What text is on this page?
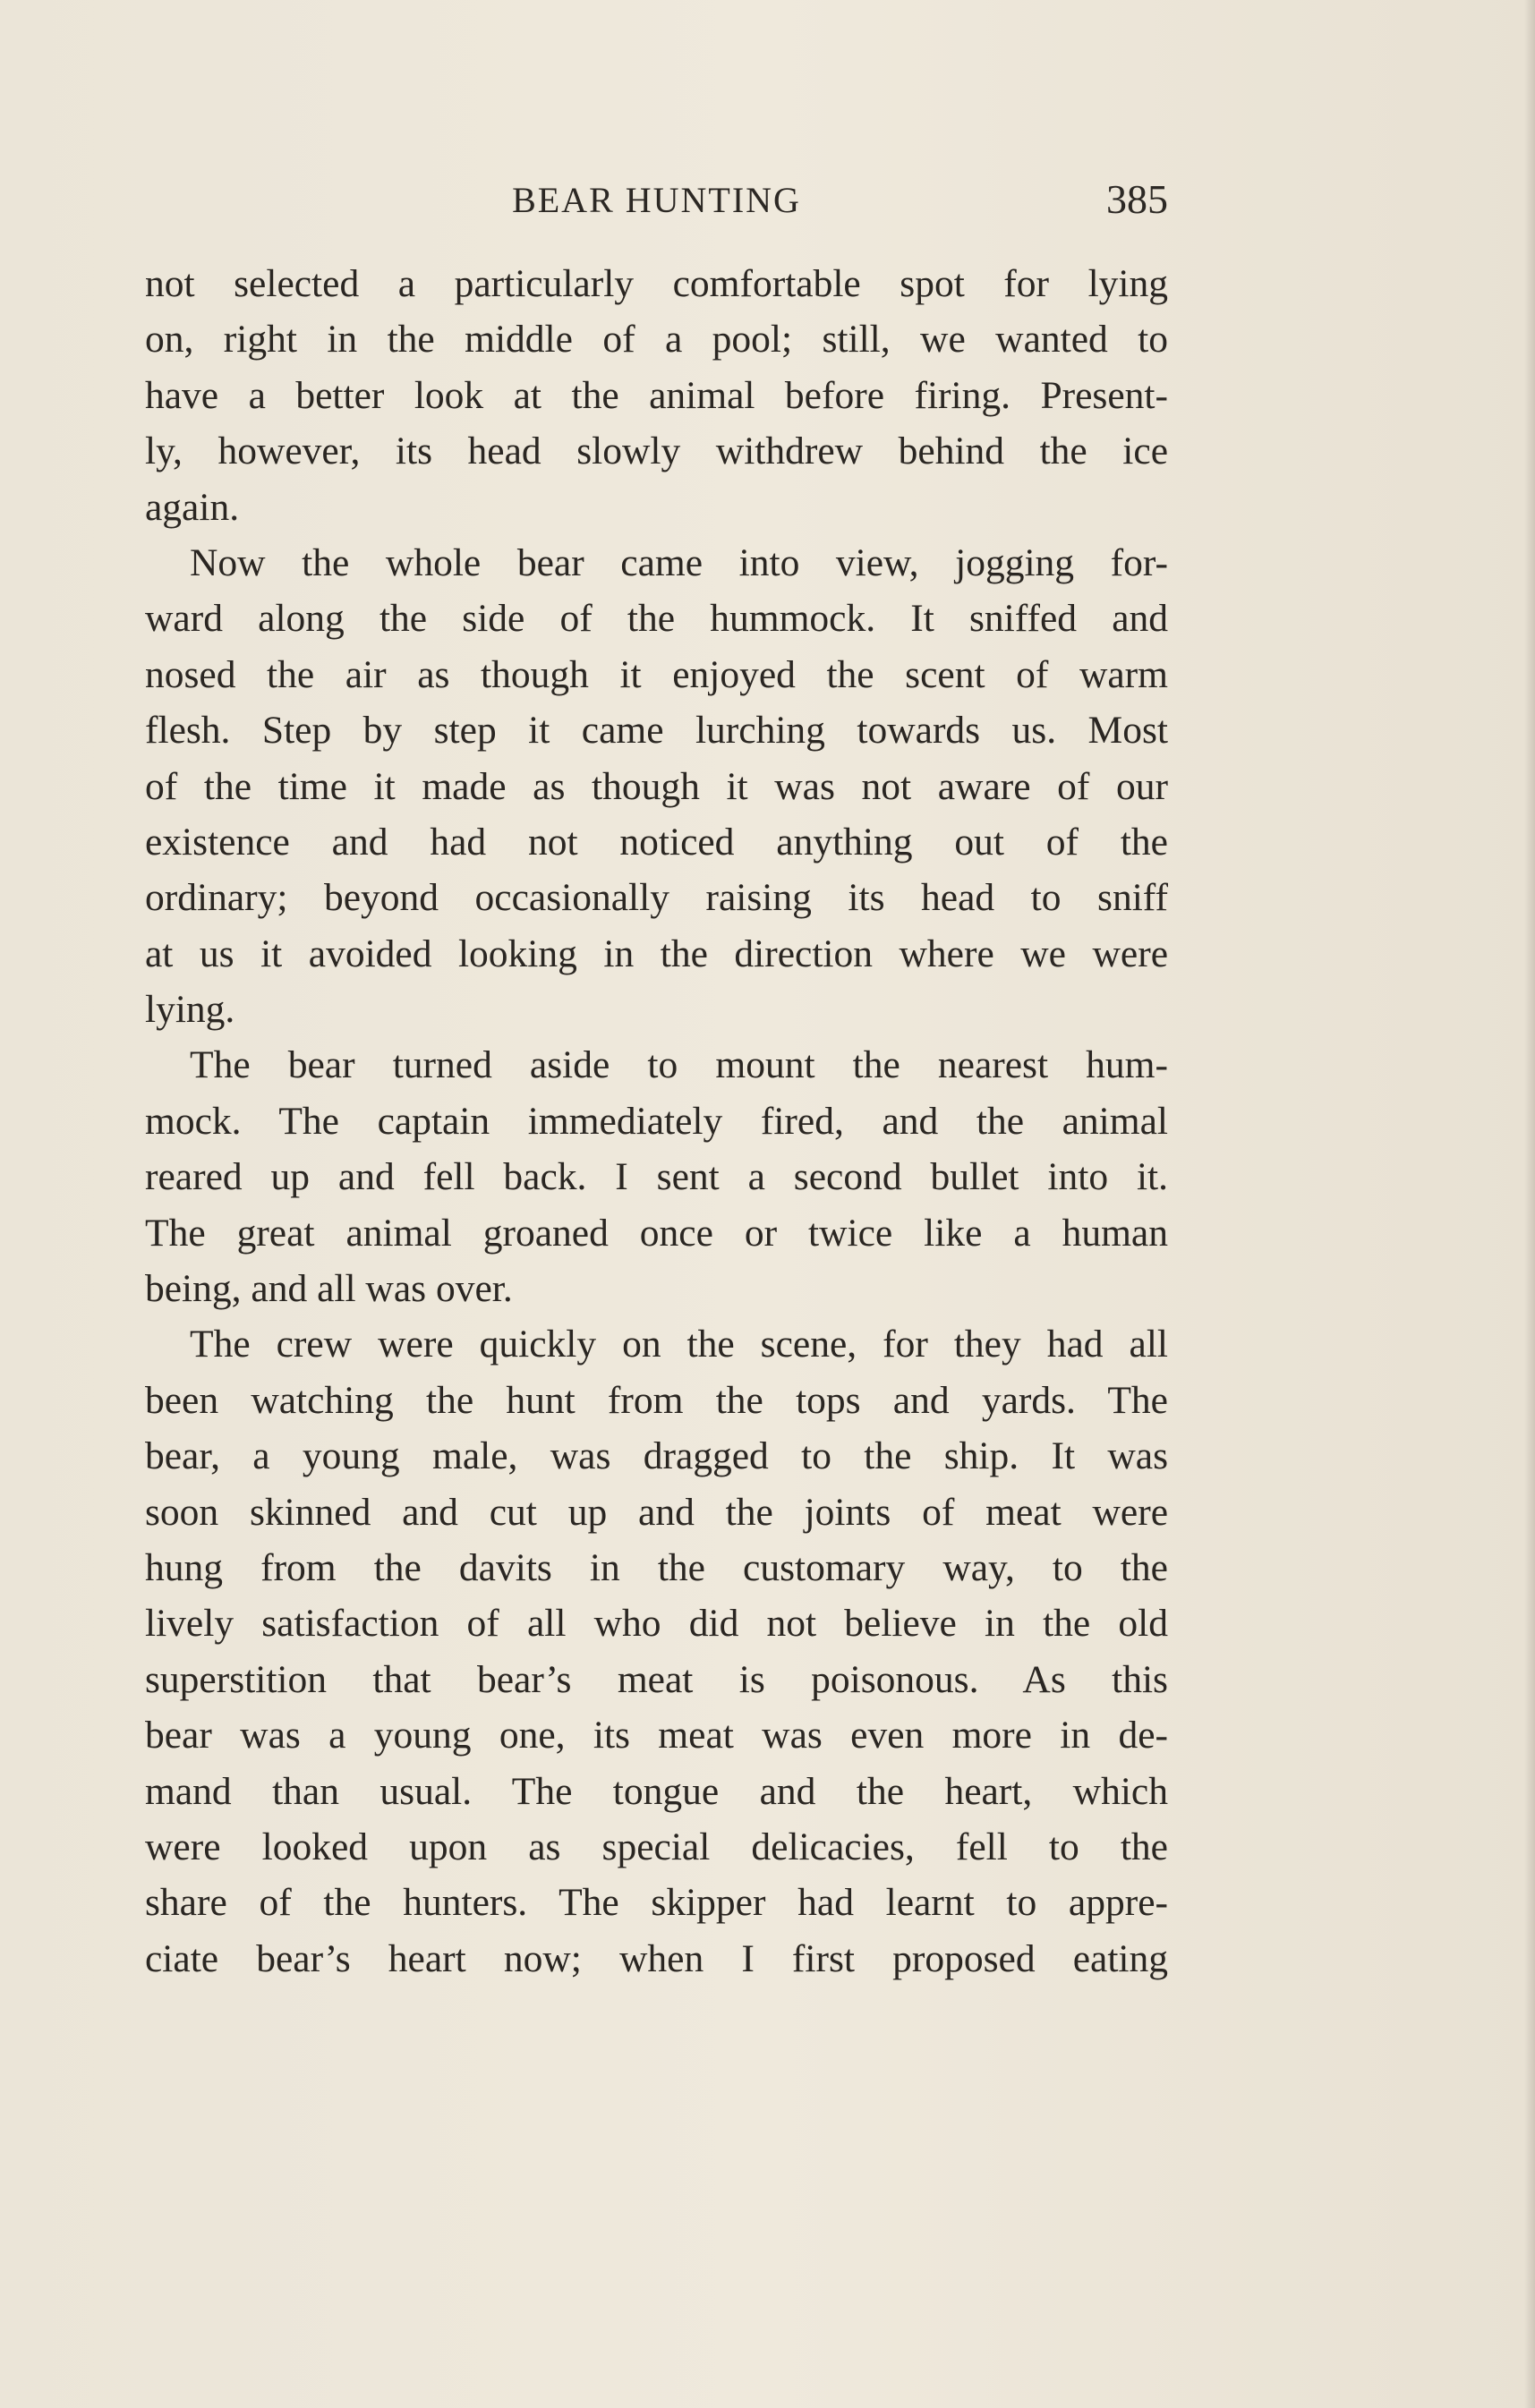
BEAR HUNTING	385
not selected a particularly comfortable spot for lying
on, right in the middle of a pool; still, we wanted to
have a better look at the animal before firing. Present-
ly, however, its head slowly withdrew behind the ice
again.
Now the whole bear came into view, jogging for-
ward along the side of the hummock. It sniffed and
nosed the air as though it enjoyed the scent of warm
flesh. Step by step it came lurching towards us. Most
of the time it made as though it was not aware of our
existence and had not noticed anything out of the
ordinary; beyond occasionally raising its head to sniff
at us it avoided looking in the direction where we were
lying.
The bear turned aside to mount the nearest hum-
mock. The captain immediately fired, and the animal
reared up and fell back. I sent a second bullet into it.
The great animal groaned once or twice like a human
being, and all was over.
The crew were quickly on the scene, for they had all
been watching the hunt from the tops and yards. The
bear, a young male, was dragged to the ship. It was
soon skinned and cut up and the joints of meat were
hung from the davits in the customary way, to the
lively satisfaction of all who did not believe in the old
superstition that bear’s meat is poisonous. As this
bear was a young one, its meat was even more in de-
mand than usual. The tongue and the heart, which
were looked upon as special delicacies, fell to the
share of the hunters. The skipper had learnt to appre-
ciate bear’s heart now; when I first proposed eating
